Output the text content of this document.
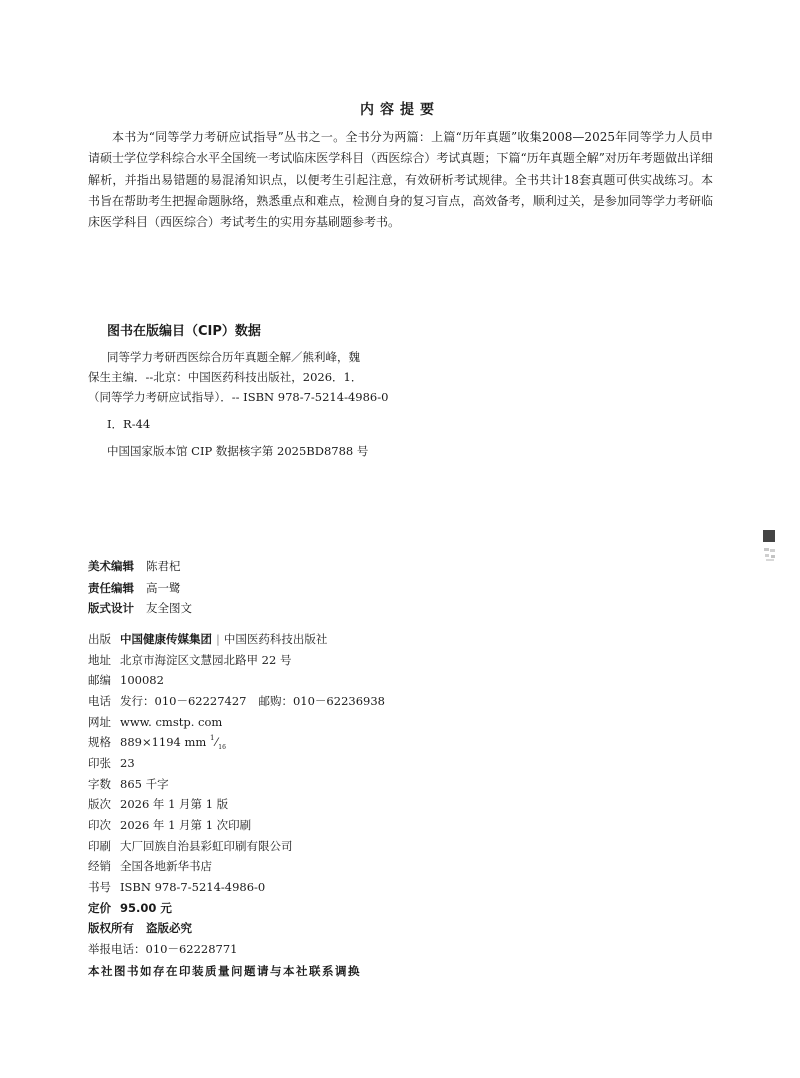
内容提要

本书为“同等学力考研应试指导”丛书之一。全书分为两篇：上篇“历年真题”收集2008—2025年同等学力人员申请硕士学位学科综合水平全国统一考试临床医学科目（西医综合）考试真题；下篇“历年真题全解”对历年考题做出详细解析，并指出易错题的易混淆知识点，以便考生引起注意，有效研析考试规律。全书共计18套真题可供实战练习。本书旨在帮助考生把握命题脉络，熟悉重点和难点，检测自身的复习盲点，高效备考，顺利过关，是参加同等学力考研临床医学科目（西医综合）考试考生的实用夯基刷题参考书。

图书在版编目（CIP）数据
同等学力考研西医综合历年真题全解／熊利峰，魏
保生主编．--北京：中国医药科技出版社，2026．1．
（同等学力考研应试指导）．-- ISBN 978-7-5214-4986-0
Ⅰ．R-44
中国国家版本馆 CIP 数据核字第 2025BD8788 号
美术编辑 陈君杞
责任编辑 高一鹭
版式设计 友全图文
出版 中国健康传媒集团 | 中国医药科技出版社
地址 北京市海淀区文慧园北路甲 22 号
邮编 100082
电话 发行：010－62227427 邮购：010－62236938
网址 www. cmstp. com
规格 889×1194 mm $^1⁄_{16}$
印张 23
字数 865 千字
版次 2026 年 1 月第 1 版
印次 2026 年 1 月第 1 次印刷
印刷 大厂回族自治县彩虹印刷有限公司
经销 全国各地新华书店
书号 ISBN 978-7-5214-4986-0
定价 95.00 元
版权所有 盗版必究
举报电话：010－62228771
本社图书如存在印装质量问题请与本社联系调换
